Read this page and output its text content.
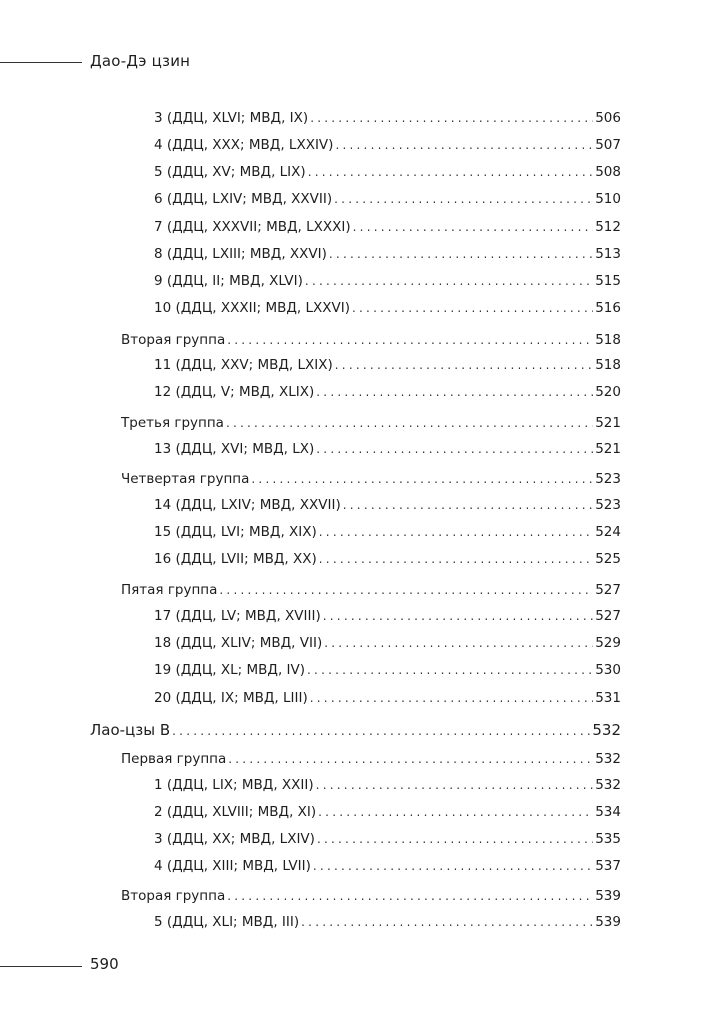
Дао-Дэ цзин
3 (ДДЦ, XLVI; МВД, IX) . . .	506
4 (ДДЦ, XXX; МВД, LXXIV) . . .	507
5 (ДДЦ, XV; МВД, LIX) . . .	508
6 (ДДЦ, LXIV; МВД, XXVII) . . .	510
7 (ДДЦ, XXXVII; МВД, LXXXI) . . .	512
8 (ДДЦ, LXIII; МВД, XXVI) . . .	513
9 (ДДЦ, II; МВД, XLVI) . . .	515
10 (ДДЦ, XXXII; МВД, LXXVI) . . .	516
Вторая группа . . .	518
11 (ДДЦ, XXV; МВД, LXIX) . . .	518
12 (ДДЦ, V; МВД, XLIX) . . .	520
Третья группа . . .	521
13 (ДДЦ, XVI; МВД, LX) . . .	521
Четвертая группа . . .	523
14 (ДДЦ, LXIV; МВД, XXVII) . . .	523
15 (ДДЦ, LVI; МВД, XIX) . . .	524
16 (ДДЦ, LVII; МВД, XX) . . .	525
Пятая группа . . .	527
17 (ДДЦ, LV; МВД, XVIII) . . .	527
18 (ДДЦ, XLIV; МВД, VII) . . .	529
19 (ДДЦ, XL; МВД, IV) . . .	530
20 (ДДЦ, IX; МВД, LIII) . . .	531
Лао-цзы B . . .	532
Первая группа . . .	532
1 (ДДЦ, LIX; МВД, XXII) . . .	532
2 (ДДЦ, XLVIII; МВД, XI) . . .	534
3 (ДДЦ, XX; МВД, LXIV) . . .	535
4 (ДДЦ, XIII; МВД, LVII) . . .	537
Вторая группа . . .	539
5 (ДДЦ, XLI; МВД, III) . . .	539
590
